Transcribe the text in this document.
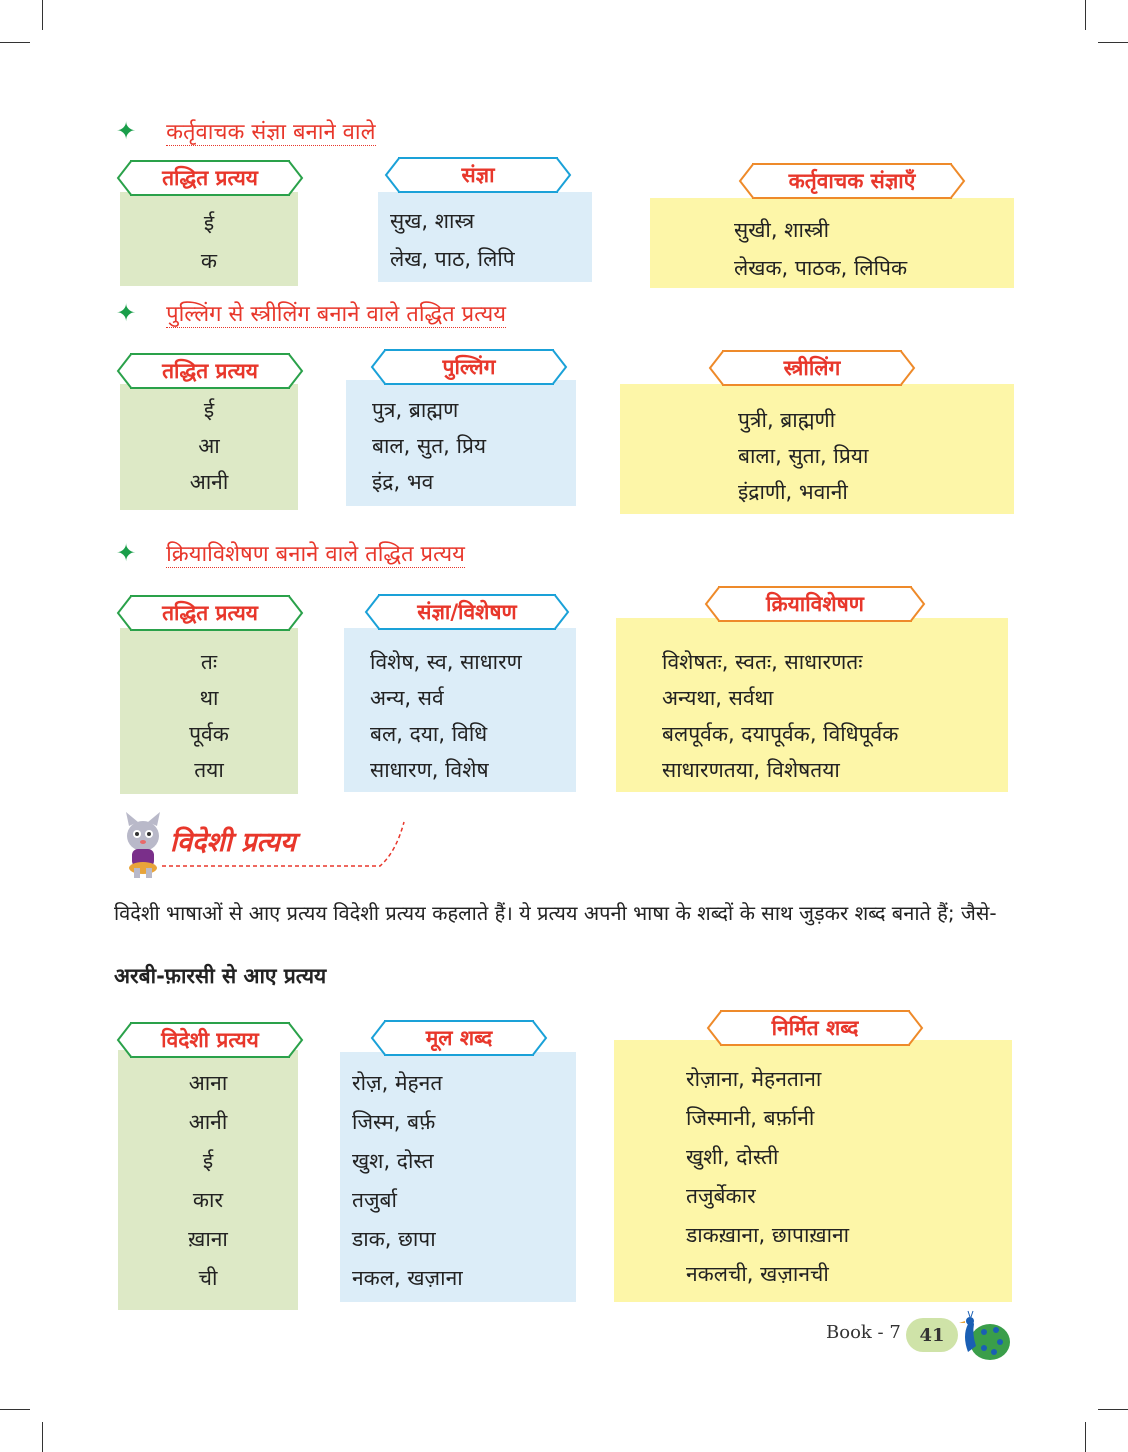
✦ कर्तृवाचक संज्ञा बनाने वाले
तद्धित प्रत्यय
ई
क
संज्ञा
सुख, शास्त्र
लेख, पाठ, लिपि
कर्तृवाचक संज्ञाएँ
सुखी, शास्त्री
लेखक, पाठक, लिपिक
✦ पुल्लिंग से स्त्रीलिंग बनाने वाले तद्धित प्रत्यय
तद्धित प्रत्यय
ई
आ
आनी
पुल्लिंग
पुत्र, ब्राह्मण
बाल, सुत, प्रिय
इंद्र, भव
स्त्रीलिंग
पुत्री, ब्राह्मणी
बाला, सुता, प्रिया
इंद्राणी, भवानी
✦ क्रियाविशेषण बनाने वाले तद्धित प्रत्यय
तद्धित प्रत्यय
तः
था
पूर्वक
तया
संज्ञा/विशेषण
विशेष, स्व, साधारण
अन्य, सर्व
बल, दया, विधि
साधारण, विशेष
क्रियाविशेषण
विशेषतः, स्वतः, साधारणतः
अन्यथा, सर्वथा
बलपूर्वक, दयापूर्वक, विधिपूर्वक
साधारणतया, विशेषतया
विदेशी प्रत्यय
विदेशी भाषाओं से आए प्रत्यय विदेशी प्रत्यय कहलाते हैं। ये प्रत्यय अपनी भाषा के शब्दों के साथ जुड़कर शब्द बनाते हैं; जैसे-
अरबी-फ़ारसी से आए प्रत्यय
विदेशी प्रत्यय
आना
आनी
ई
कार
ख़ाना
ची
मूल शब्द
रोज़, मेहनत
जिस्म, बर्फ़
खुश, दोस्त
तजुर्बा
डाक, छापा
नकल, खज़ाना
निर्मित शब्द
रोज़ाना, मेहनताना
जिस्मानी, बर्फ़ानी
खुशी, दोस्ती
तजुर्बेकार
डाकख़ाना, छापाख़ाना
नकलची, खज़ानची
Book - 7	41
